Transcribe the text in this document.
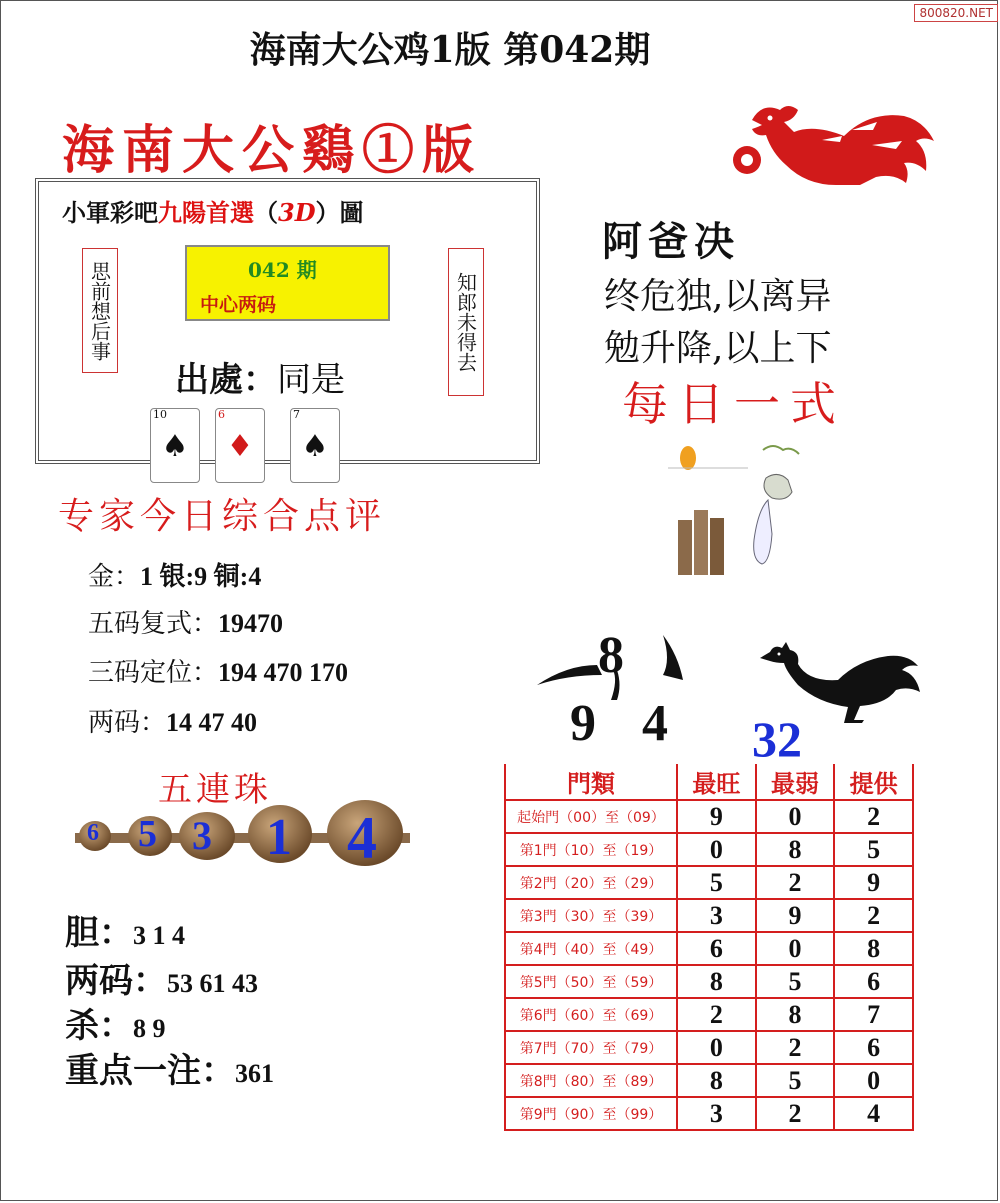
海南大公鸡1版 第042期
800820.NET
海南大公鷄①版
小軍彩吧九陽首選（3D）圖
思前想后事	知郎未得去
042 期
中心两码
出處：同是
♠	♦	♠
10	6	7
阿爸决
终危独,以离异
勉升降,以上下
每日一式
专家今日综合点评
金：1 银:9 铜:4
五码复式：19470
三码定位：194 470 170
两码：14 47 40
8
9 4 32
五連珠
6 5 3 1 4
胆：3 1 4
两码：53 61 43
杀：8 9
重点一注：361
門類	最旺	最弱	提供
起始門（00）至（09）	9	0	2
第1門（10）至（19）	0	8	5
第2門（20）至（29）	5	2	9
第3門（30）至（39）	3	9	2
第4門（40）至（49）	6	0	8
第5門（50）至（59）	8	5	6
第6門（60）至（69）	2	8	7
第7門（70）至（79）	0	2	6
第8門（80）至（89）	8	5	0
第9門（90）至（99）	3	2	4
